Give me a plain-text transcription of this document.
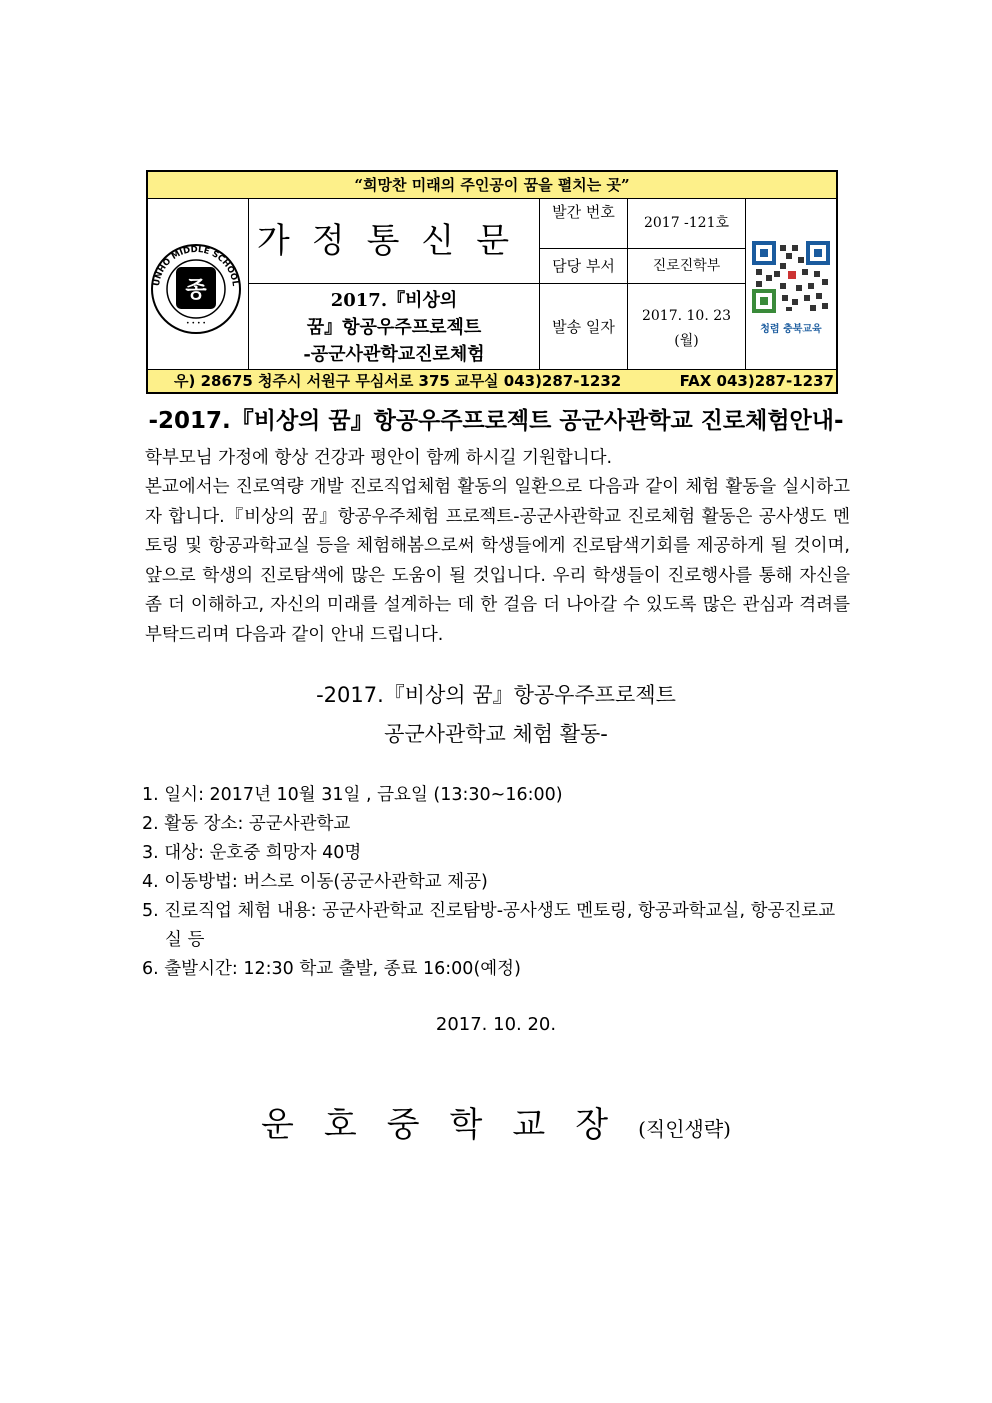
“희망찬 미래의 주인공이 꿈을 펼치는 곳”
UNHO MIDDLE SCHOOL
• • • •
종
가정통신문
2017.『비상의
꿈』항공우주프로젝트
-공군사관학교진로체험
발간 번호
2017 -121호
담당 부서	진로진학부
발송 일자
2017. 10. 23
(월)
청렴 충북교육
우) 28675 청주시 서원구 무심서로 375 교무실 043)287-1232	FAX 043)287-1237
-2017.『비상의 꿈』항공우주프로젝트 공군사관학교 진로체험안내-
학부모님 가정에 항상 건강과 평안이 함께 하시길 기원합니다.
본교에서는 진로역량 개발 진로직업체험 활동의 일환으로 다음과 같이 체험 활동을 실시하고자 합니다.『비상의 꿈』항공우주체험 프로젝트-공군사관학교 진로체험 활동은 공사생도 멘토링 및 항공과학교실 등을 체험해봄으로써 학생들에게 진로탐색기회를 제공하게 될 것이며, 앞으로 학생의 진로탐색에 많은 도움이 될 것입니다. 우리 학생들이 진로행사를 통해 자신을 좀 더 이해하고, 자신의 미래를 설계하는 데 한 걸음 더 나아갈 수 있도록 많은 관심과 격려를 부탁드리며 다음과 같이 안내 드립니다.
-2017.『비상의 꿈』항공우주프로젝트
공군사관학교 체험 활동-
1. 일시: 2017년 10월 31일 , 금요일 (13:30~16:00)
2. 활동 장소: 공군사관학교
3. 대상: 운호중 희망자 40명
4. 이동방법: 버스로 이동(공군사관학교 제공)
5. 진로직업 체험 내용: 공군사관학교 진로탐방-공사생도 멘토링, 항공과학교실, 항공진로교실 등
6. 출발시간: 12:30 학교 출발, 종료 16:00(예정)
2017. 10. 20.
운호중학교장(직인생략)
